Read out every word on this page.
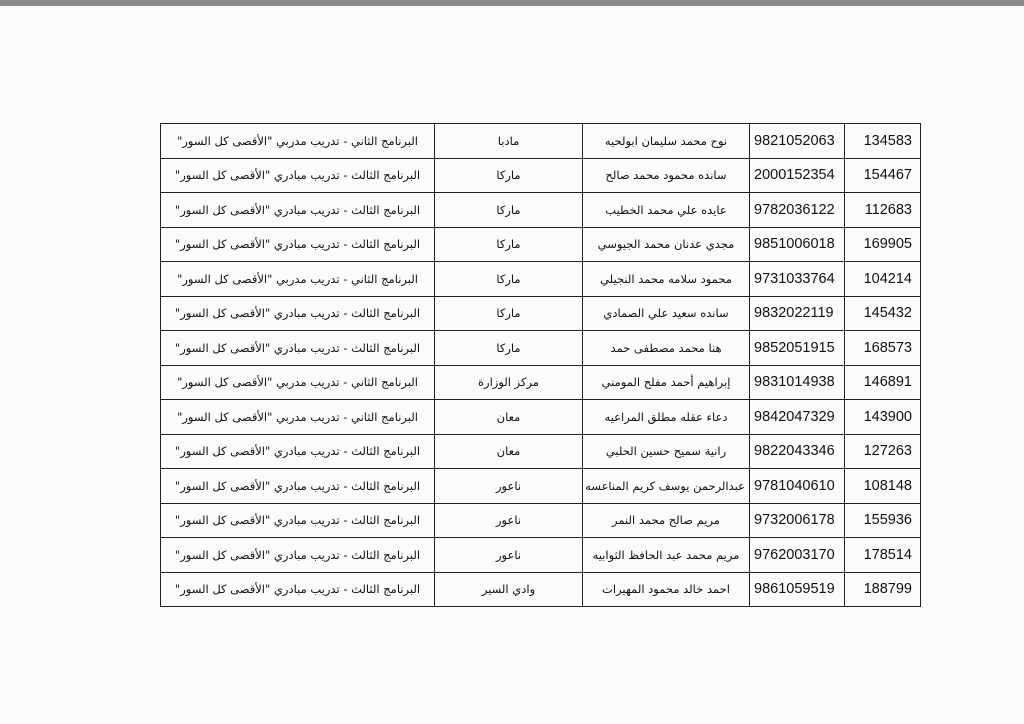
134583	9821052063	نوح محمد سليمان ابولحيه	مادبا	البرنامج الثاني - تدريب مدربي "الأقصى كل السور"
154467	2000152354	سانده محمود محمد صالح	ماركا	البرنامج الثالث - تدريب مبادري "الأقصى كل السور"
112683	9782036122	عايده علي محمد الخطيب	ماركا	البرنامج الثالث - تدريب مبادري "الأقصى كل السور"
169905	9851006018	مجدي عدنان محمد الجيوسي	ماركا	البرنامج الثالث - تدريب مبادري "الأقصى كل السور"
104214	9731033764	محمود سلامه محمد النجيلي	ماركا	البرنامج الثاني - تدريب مدربي "الأقصى كل السور"
145432	9832022119	سانده سعيد علي الصمادي	ماركا	البرنامج الثالث - تدريب مبادري "الأقصى كل السور"
168573	9852051915	هنا محمد مصطفى حمد	ماركا	البرنامج الثالث - تدريب مبادري "الأقصى كل السور"
146891	9831014938	إبراهيم أحمد مفلح المومني	مركز الوزارة	البرنامج الثاني - تدريب مدربي "الأقصى كل السور"
143900	9842047329	دعاء عقله مطلق المراعيه	معان	البرنامج الثاني - تدريب مدربي "الأقصى كل السور"
127263	9822043346	رانية سميح حسين الحلبي	معان	البرنامج الثالث - تدريب مبادري "الأقصى كل السور"
108148	9781040610	عبدالرحمن يوسف كريم المناعسه	ناعور	البرنامج الثالث - تدريب مبادري "الأقصى كل السور"
155936	9732006178	مريم صالح محمد النمر	ناعور	البرنامج الثالث - تدريب مبادري "الأقصى كل السور"
178514	9762003170	مريم محمد عبد الحافظ الثوابيه	ناعور	البرنامج الثالث - تدريب مبادري "الأقصى كل السور"
188799	9861059519	احمد خالد محمود المهيرات	وادي السير	البرنامج الثالث - تدريب مبادري "الأقصى كل السور"
